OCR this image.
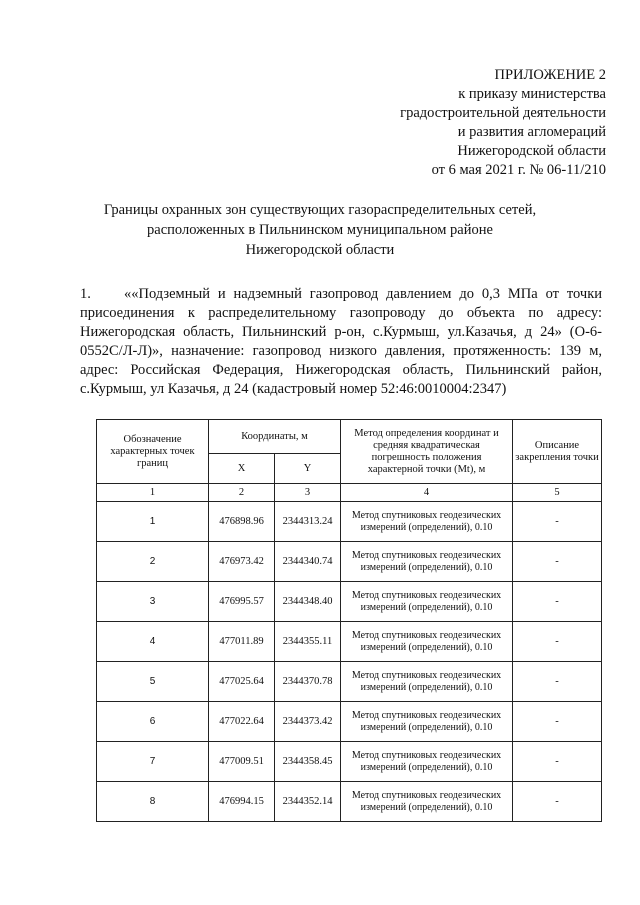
ПРИЛОЖЕНИЕ 2
к приказу министерства
градостроительной деятельности
и развития агломераций
Нижегородской области
от 6 мая 2021 г. № 06-11/210
Границы охранных зон существующих газораспределительных сетей,
расположенных в Пильнинском муниципальном районе
Нижегородской области
1. ««Подземный и надземный газопровод давлением до 0,3 МПа от точки присоединения к распределительному газопроводу до объекта по адресу: Нижегородская область, Пильнинский р-он, с.Курмыш, ул.Казачья, д 24» (О-6-0552С/Л-Л)», назначение: газопровод низкого давления, протяженность: 139 м, адрес: Российская Федерация, Нижегородская область, Пильнинский район, с.Курмыш, ул Казачья, д 24 (кадастровый номер 52:46:0010004:2347)
Обозначение характерных точек границ	Координаты, м		Метод определения координат и средняя квадратическая погрешность положения характерной точки (Mt), м	Описание закрепления точки
	X	Y		
1	2	3	4	5
1	476898.96	2344313.24	Метод спутниковых геодезических измерений (определений), 0.10	-
2	476973.42	2344340.74	Метод спутниковых геодезических измерений (определений), 0.10	-
3	476995.57	2344348.40	Метод спутниковых геодезических измерений (определений), 0.10	-
4	477011.89	2344355.11	Метод спутниковых геодезических измерений (определений), 0.10	-
5	477025.64	2344370.78	Метод спутниковых геодезических измерений (определений), 0.10	-
6	477022.64	2344373.42	Метод спутниковых геодезических измерений (определений), 0.10	-
7	477009.51	2344358.45	Метод спутниковых геодезических измерений (определений), 0.10	-
8	476994.15	2344352.14	Метод спутниковых геодезических измерений (определений), 0.10	-
